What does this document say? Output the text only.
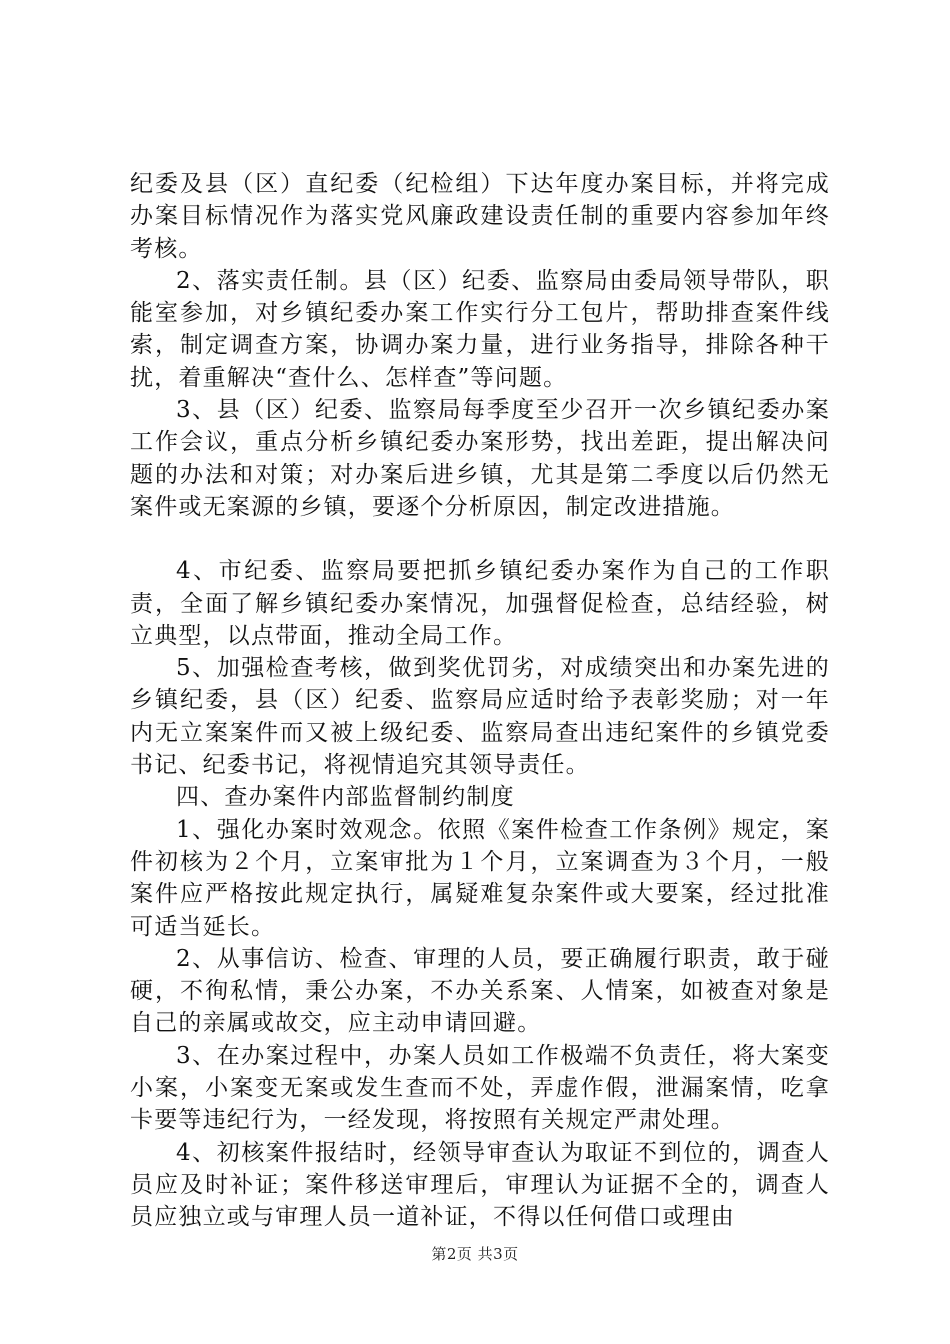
纪委及县（区）直纪委（纪检组）下达年度办案目标，并将完成办案目标情况作为落实党风廉政建设责任制的重要内容参加年终考核。

2、落实责任制。县（区）纪委、监察局由委局领导带队，职能室参加，对乡镇纪委办案工作实行分工包片，帮助排查案件线索，制定调查方案，协调办案力量，进行业务指导，排除各种干扰，着重解决“查什么、怎样查”等问题。

3、县（区）纪委、监察局每季度至少召开一次乡镇纪委办案工作会议，重点分析乡镇纪委办案形势，找出差距，提出解决问题的办法和对策；对办案后进乡镇，尤其是第二季度以后仍然无案件或无案源的乡镇，要逐个分析原因，制定改进措施。

4、市纪委、监察局要把抓乡镇纪委办案作为自己的工作职责，全面了解乡镇纪委办案情况，加强督促检查，总结经验，树立典型，以点带面，推动全局工作。

5、加强检查考核，做到奖优罚劣，对成绩突出和办案先进的乡镇纪委，县（区）纪委、监察局应适时给予表彰奖励；对一年内无立案案件而又被上级纪委、监察局查出违纪案件的乡镇党委书记、纪委书记，将视情追究其领导责任。

四、查办案件内部监督制约制度

1、强化办案时效观念。依照《案件检查工作条例》规定，案件初核为２个月，立案审批为１个月，立案调查为３个月，一般案件应严格按此规定执行，属疑难复杂案件或大要案，经过批准可适当延长。

2、从事信访、检查、审理的人员，要正确履行职责，敢于碰硬，不徇私情，秉公办案，不办关系案、人情案，如被查对象是自己的亲属或故交，应主动申请回避。

3、在办案过程中，办案人员如工作极端不负责任，将大案变小案，小案变无案或发生查而不处，弄虚作假，泄漏案情，吃拿卡要等违纪行为，一经发现，将按照有关规定严肃处理。

4、初核案件报结时，经领导审查认为取证不到位的，调查人员应及时补证；案件移送审理后，审理认为证据不全的，调查人员应独立或与审理人员一道补证，不得以任何借口或理由

第2页 共3页
